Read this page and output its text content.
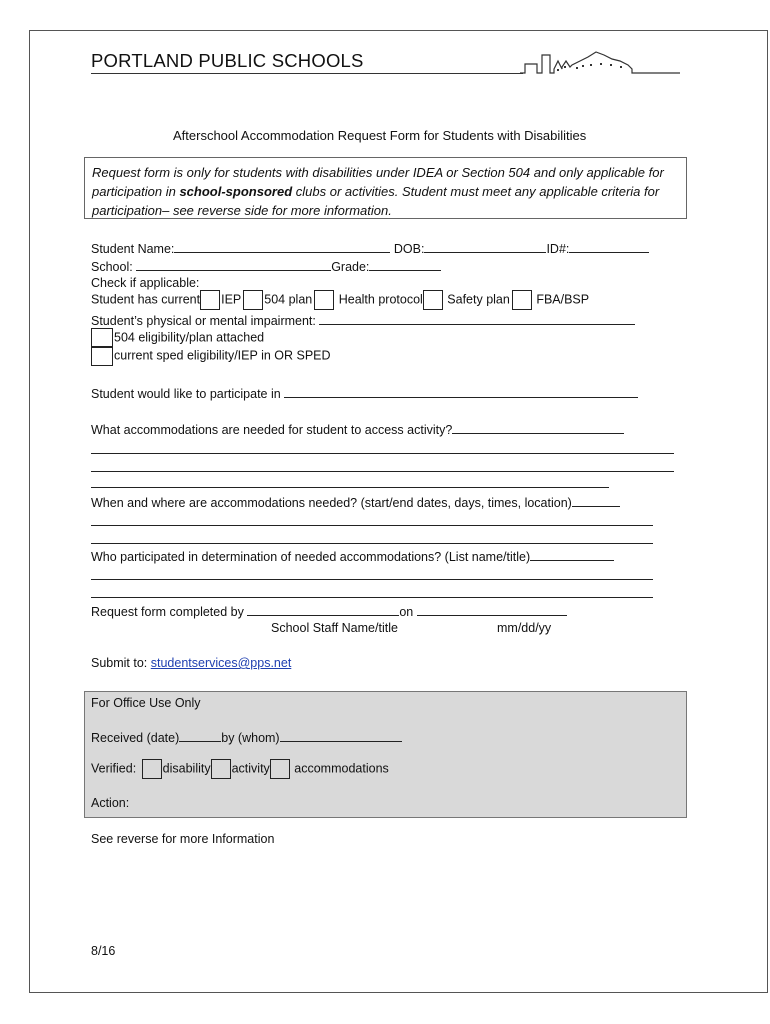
PORTLAND PUBLIC SCHOOLS
Afterschool Accommodation Request Form for Students with Disabilities
Request form is only for students with disabilities under IDEA or Section 504 and only applicable for
participation in school-sponsored clubs or activities. Student must meet any applicable criteria for
participation– see reverse side for more information.
Student Name:	DOB:	ID#:
School:	Grade:
Check if applicable:
Student has current IEP 504 plan Health protocol Safety plan FBA/BSP
Student’s physical or mental impairment:
504 eligibility/plan attached
current sped eligibility/IEP in OR SPED
Student would like to participate in
What accommodations are needed for student to access activity?
When and where are accommodations needed? (start/end dates, days, times, location)
Who participated in determination of needed accommodations? (List name/title)
Request form completed by	on
School Staff Name/title	mm/dd/yy
Submit to: studentservices@pps.net
For Office Use Only
Received (date)	by (whom)
Verified: disability activity accommodations
Action:
See reverse for more Information
8/16
